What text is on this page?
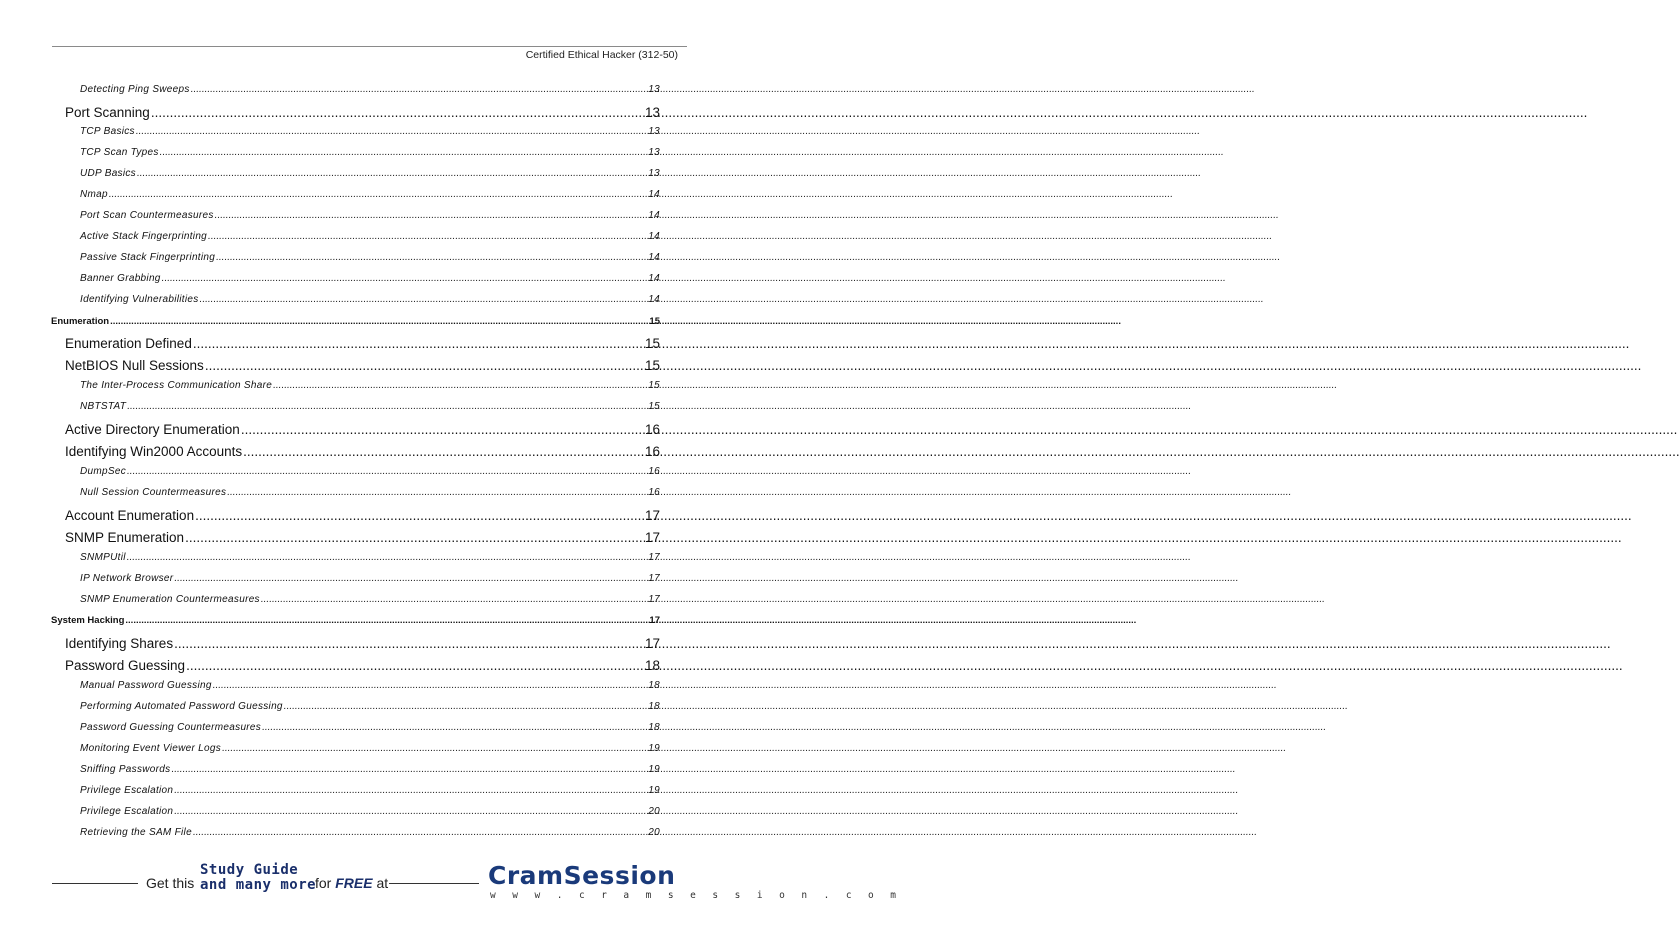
Certified Ethical Hacker (312-50)
Detecting Ping Sweeps .....	13
Port Scanning .....	13
TCP Basics .....	13
TCP Scan Types .....	13
UDP Basics .....	13
Nmap .....	14
Port Scan Countermeasures .....	14
Active Stack Fingerprinting .....	14
Passive Stack Fingerprinting .....	14
Banner Grabbing .....	14
Identifying Vulnerabilities .....	14
Enumeration .....	15
Enumeration Defined .....	15
NetBIOS Null Sessions .....	15
The Inter-Process Communication Share .....	15
NBTSTAT .....	15
Active Directory Enumeration .....	16
Identifying Win2000 Accounts .....	16
DumpSec .....	16
Null Session Countermeasures .....	16
Account Enumeration .....	17
SNMP Enumeration .....	17
SNMPUtil .....	17
IP Network Browser .....	17
SNMP Enumeration Countermeasures .....	17
System Hacking .....	17
Identifying Shares .....	17
Password Guessing .....	18
Manual Password Guessing .....	18
Performing Automated Password Guessing .....	18
Password Guessing Countermeasures .....	18
Monitoring Event Viewer Logs .....	19
Sniffing Passwords .....	19
Privilege Escalation .....	19
Privilege Escalation .....	20
Retrieving the SAM File .....	20
Get this
Study Guide
and many more
for FREE at	CramSession
w w w . c r a m s e s s i o n . c o m
